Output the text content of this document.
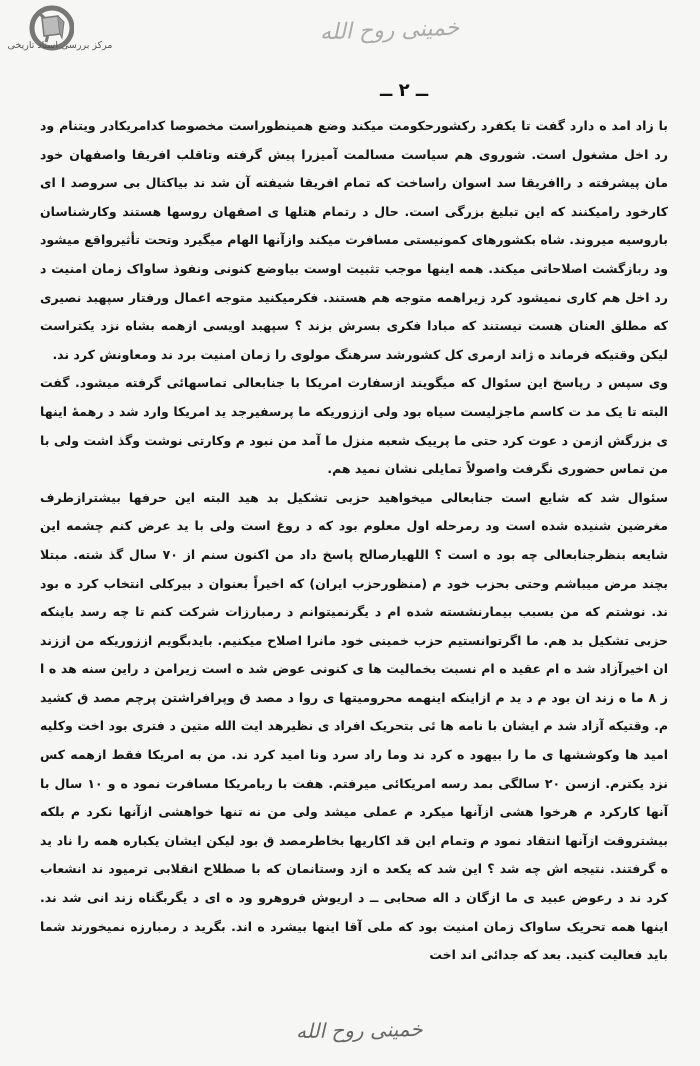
مرکز بررسی اسناد تاریخی
خمینی روح الله
ــ ۲ ــ

با زاد امد ه دارد گفت تا یکفرد رکشورحکومت میکند وضع همینطوراست مخصوصا کدامریکادر ویتنام ود رد اخل مشغول است. شوروی هم سیاست مسالمت آمیزرا پیش گرفته وتاقلب افریقا واصفهان خود مان پیشرفته د راافریقا سد اسوان راساخت که تمام افریقا شیفته آن شد ند بیاکتال بی سروصد ا ای کارخود رامیکنند که این تبلیغ بزرگی است. حال د رتمام هتلها ی اصفهان روسها هستند وکارشناسان باروسیه میروند. شاه بکشورهای کمونیستی مسافرت میکند وازآنها الهام میگیرد وتحت تأثیرواقع میشود ود ربازگشت اصلاحاتی میکند. همه اینها موجب تثبیت اوست بیاوضع کنونی ونفوذ ساواک زمان امنیت د رد اخل هم کاری نمیشود کرد زیراهمه متوجه هم هستند. فکرمیکنید متوجه اعمال ورفتار سپهبد نصیری که مطلق العنان هست نیستند که مبادا فکری بسرش بزند ؟ سپهبد اویسی ازهمه بشاه نزد یکتراست لیکن وقتیکه فرماند ه ژاند ارمری کل کشورشد سرهنگ مولوی را زمان امنیت برد ند ومعاونش کرد ند.

وی سپس د رپاسخ این سئوال که میگویند ازسفارت امریکا با جنابعالی تماسهائی گرفته میشود. گفت البته تا یک مد ت کاسم ماجزلیست سیاه بود ولی اززوریکه ما پرسفیرجد ید امریکا وارد شد د رهمهٔ اینها ی بزرگش ازمن د عوت کرد حتی ما پرییک شعبه منزل ما آمد من نبود م وکارتی نوشت وگذ اشت ولی با من تماس حضوری نگرفت واصولاً تمایلی نشان نمید هم.

سئوال شد که شایع است جنابعالی میخواهید حزبی تشکیل بد هید البته این حرفها بیشترازطرف مغرضین شنیده شده است ود رمرحله اول معلوم بود که د روغ است ولی با ید عرض کنم چشمه این شایعه بنظرجنابعالی چه بود ه است ؟ اللهیارصالح پاسخ داد من اکنون سنم از ۷۰ سال گذ شته. مبتلا بچند مرض میباشم وحتی بحزب خود م (منظورحزب ایران) که اخیراً بعنوان د بیرکلی انتخاب کرد ه بود ند. نوشتم که من بسبب بیمارنشسته شده ام د یگرنمیتوانم د رمبارزات شرکت کنم تا چه رسد باینکه حزبی تشکیل بد هم. ما اگرتوانستیم حزب خمینی خود مانرا اصلاح میکنیم. بایدبگویم اززوریکه من اززند ان اخیرآزاد شد ه ام عقید ه ام نسبت بخمالیت ها ی کنونی عوض شد ه است زیرامن د راین سنه هد ه ا ز ۸ ما ه زند ان بود م د ید م ازاینکه اینهمه محرومیتها ی روا د مصد ق وپرافراشتن پرچم مصد ق کشید م. وقتیکه آزاد شد م ایشان با نامه ها ئی بتحریک افراد ی نظیرهد ایت الله متین د فتری بود اخت وکلیه امید ها وکوششها ی ما را بیهود ه کرد ند وما راد سرد ونا امید کرد ند. من به امریکا فقط ازهمه کس نزد یکترم. ازسن ۲۰ سالگی بمد رسه امریکائی میرفتم. هفت با ربامریکا مسافرت نمود ه و ۱۰ سال با آنها کارکرد م هرخوا هشی ازآنها میکرد م عملی میشد ولی من نه تنها خواهشی ازآنها نکرد م بلکه بیشتروقت ازآنها انتقاد نمود م وتمام این قد اکاریها بخاطرمصد ق بود لیکن ایشان یکباره همه را ناد ید ه گرفتند. نتیجه اش چه شد ؟ این شد که یکعد ه ازد وستانمان که با صطلاح انقلابی ترمیود ند انشعاب کرد ند د رعوض عبید ی ما ازگان د اله صحابی ــ د اریوش فروهرو ود ه ای د یگربگناه زند انی شد ند. اینها همه تحریک ساواک زمان امنیت بود که ملی آقا اینها بیشرد ه اند. بگرید د رمبارزه نمیخورند شما باید فعالیت کنید. بعد که جدائی اند اخت

خمینی روح الله
